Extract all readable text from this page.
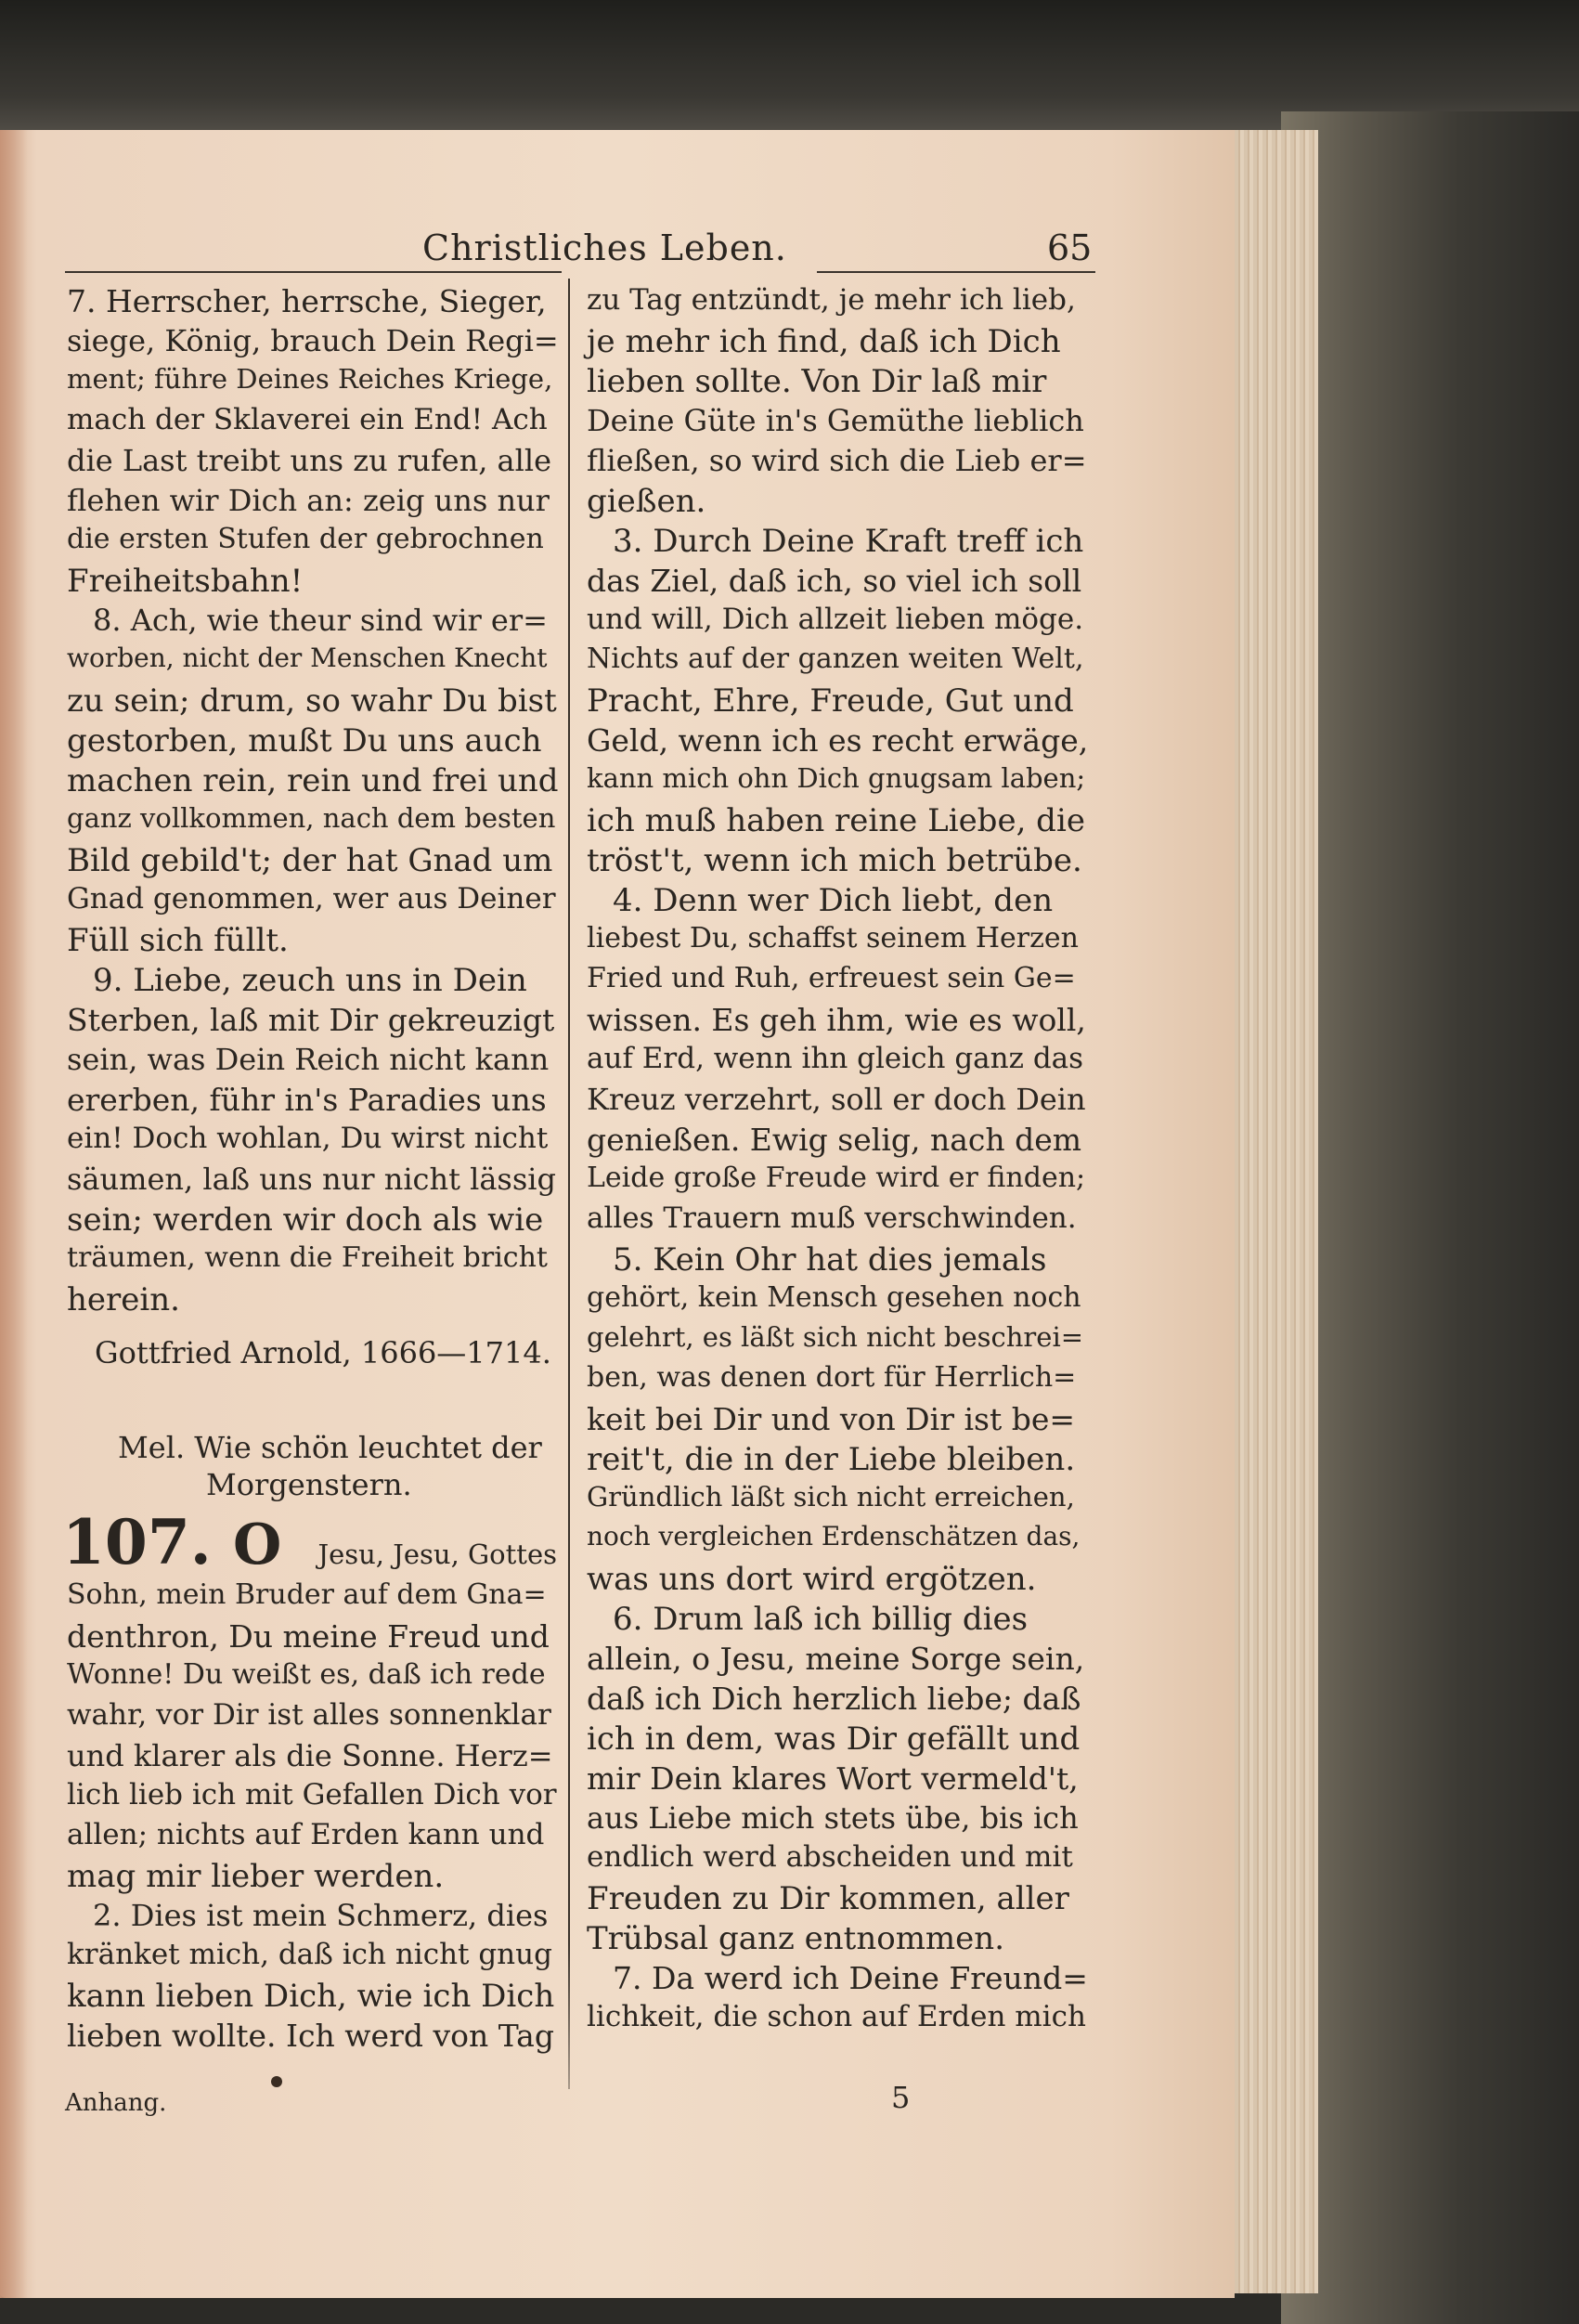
Christliches Leben.	65
7. Herrscher, herrsche, Sieger,
siege, König, brauch Dein Regi=
ment; führe Deines Reiches Kriege,
mach der Sklaverei ein End! Ach
die Last treibt uns zu rufen, alle
flehen wir Dich an: zeig uns nur
die ersten Stufen der gebrochnen
Freiheitsbahn!
8. Ach, wie theur sind wir er=
worben, nicht der Menschen Knecht
zu sein; drum, so wahr Du bist
gestorben, mußt Du uns auch
machen rein, rein und frei und
ganz vollkommen, nach dem besten
Bild gebild't; der hat Gnad um
Gnad genommen, wer aus Deiner
Füll sich füllt.
9. Liebe, zeuch uns in Dein
Sterben, laß mit Dir gekreuzigt
sein, was Dein Reich nicht kann
ererben, führ in's Paradies uns
ein! Doch wohlan, Du wirst nicht
säumen, laß uns nur nicht lässig
sein; werden wir doch als wie
träumen, wenn die Freiheit bricht
herein.
Gottfried Arnold, 1666—1714.
Mel. Wie schön leuchtet der
Morgenstern.
107. O Jesu, Jesu, Gottes
Sohn, mein Bruder auf dem Gna=
denthron, Du meine Freud und
Wonne! Du weißt es, daß ich rede
wahr, vor Dir ist alles sonnenklar
und klarer als die Sonne. Herz=
lich lieb ich mit Gefallen Dich vor
allen; nichts auf Erden kann und
mag mir lieber werden.
2. Dies ist mein Schmerz, dies
kränket mich, daß ich nicht gnug
kann lieben Dich, wie ich Dich
lieben wollte. Ich werd von Tag
zu Tag entzündt, je mehr ich lieb,
je mehr ich find, daß ich Dich
lieben sollte. Von Dir laß mir
Deine Güte in's Gemüthe lieblich
fließen, so wird sich die Lieb er=
gießen.
3. Durch Deine Kraft treff ich
das Ziel, daß ich, so viel ich soll
und will, Dich allzeit lieben möge.
Nichts auf der ganzen weiten Welt,
Pracht, Ehre, Freude, Gut und
Geld, wenn ich es recht erwäge,
kann mich ohn Dich gnugsam laben;
ich muß haben reine Liebe, die
tröst't, wenn ich mich betrübe.
4. Denn wer Dich liebt, den
liebest Du, schaffst seinem Herzen
Fried und Ruh, erfreuest sein Ge=
wissen. Es geh ihm, wie es woll,
auf Erd, wenn ihn gleich ganz das
Kreuz verzehrt, soll er doch Dein
genießen. Ewig selig, nach dem
Leide große Freude wird er finden;
alles Trauern muß verschwinden.
5. Kein Ohr hat dies jemals
gehört, kein Mensch gesehen noch
gelehrt, es läßt sich nicht beschrei=
ben, was denen dort für Herrlich=
keit bei Dir und von Dir ist be=
reit't, die in der Liebe bleiben.
Gründlich läßt sich nicht erreichen,
noch vergleichen Erdenschätzen das,
was uns dort wird ergötzen.
6. Drum laß ich billig dies
allein, o Jesu, meine Sorge sein,
daß ich Dich herzlich liebe; daß
ich in dem, was Dir gefällt und
mir Dein klares Wort vermeld't,
aus Liebe mich stets übe, bis ich
endlich werd abscheiden und mit
Freuden zu Dir kommen, aller
Trübsal ganz entnommen.
7. Da werd ich Deine Freund=
lichkeit, die schon auf Erden mich
Anhang.	5
